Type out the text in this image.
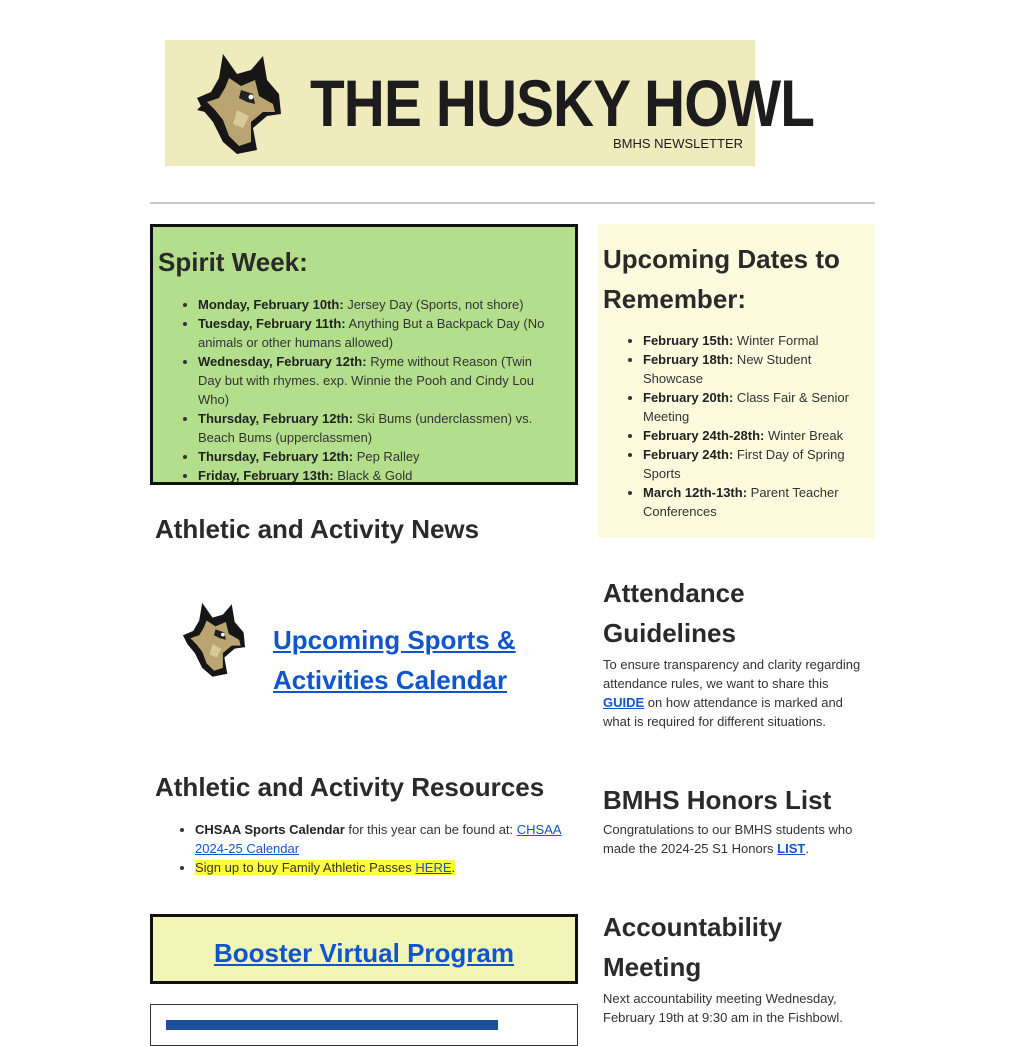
THE HUSKY HOWL
BMHS NEWSLETTER
Spirit Week:
• Monday, February 10th: Jersey Day (Sports, not shore)
• Tuesday, February 11th: Anything But a Backpack Day (No animals or other humans allowed)
• Wednesday, February 12th: Ryme without Reason (Twin Day but with rhymes. exp. Winnie the Pooh and Cindy Lou Who)
• Thursday, February 12th: Ski Bums (underclassmen) vs. Beach Bums (upperclassmen)
• Thursday, February 12th: Pep Ralley
• Friday, February 13th: Black & Gold
Upcoming Dates to Remember:
• February 15th: Winter Formal
• February 18th: New Student Showcase
• February 20th: Class Fair & Senior Meeting
• February 24th-28th: Winter Break
• February 24th: First Day of Spring Sports
• March 12th-13th: Parent Teacher Conferences
Athletic and Activity News
Upcoming Sports & Activities Calendar
Attendance Guidelines
To ensure transparency and clarity regarding attendance rules, we want to share this GUIDE on how attendance is marked and what is required for different situations.
Athletic and Activity Resources
• CHSAA Sports Calendar for this year can be found at: CHSAA 2024-25 Calendar
• Sign up to buy Family Athletic Passes HERE.
BMHS Honors List
Congratulations to our BMHS students who made the 2024-25 S1 Honors LIST.
Booster Virtual Program
Accountability Meeting
Next accountability meeting Wednesday, February 19th at 9:30 am in the Fishbowl.
